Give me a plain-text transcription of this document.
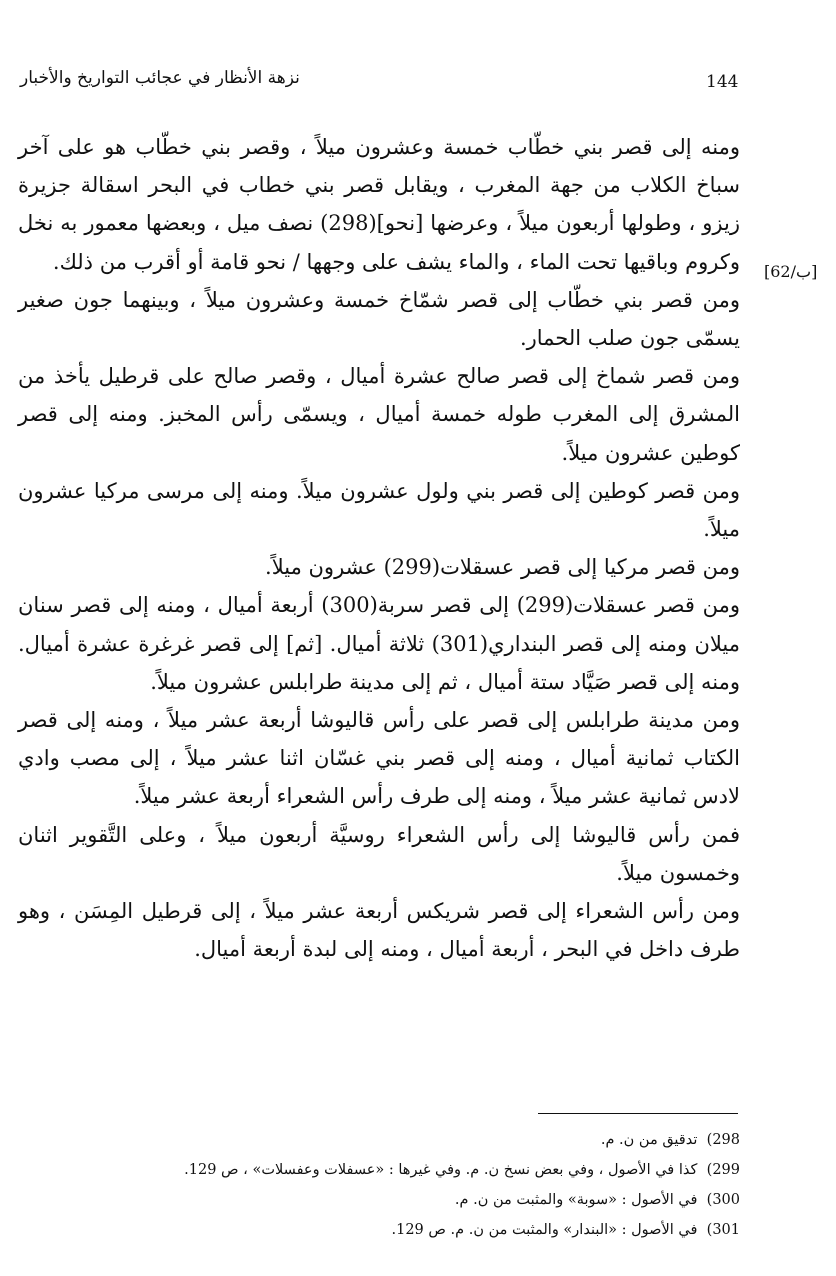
144
نزهة الأنظار في عجائب التواريخ والأخبار
[62/ب]

ومنه إلى قصر بني خطّاب خمسة وعشرون ميلاً ، وقصر بني خطّاب هو على آخر سباخ الكلاب من جهة المغرب ، ويقابل قصر بني خطاب في البحر اسقالة جزيرة زيزو ، وطولها أربعون ميلاً ، وعرضها [نحو](298) نصف ميل ، وبعضها معمور به نخل وكروم وباقيها تحت الماء ، والماء يشف على وجهها / نحو قامة أو أقرب من ذلك.

ومن قصر بني خطّاب إلى قصر شمّاخ خمسة وعشرون ميلاً ، وبينهما جون صغير يسمّى جون صلب الحمار.

ومن قصر شماخ إلى قصر صالح عشرة أميال ، وقصر صالح على قرطيل يأخذ من المشرق إلى المغرب طوله خمسة أميال ، ويسمّى رأس المخبز. ومنه إلى قصر كوطين عشرون ميلاً.

ومن قصر كوطين إلى قصر بني ولول عشرون ميلاً. ومنه إلى مرسى مركيا عشرون ميلاً.

ومن قصر مركيا إلى قصر عسقلات(299) عشرون ميلاً.

ومن قصر عسقلات(299) إلى قصر سربة(300) أربعة أميال ، ومنه إلى قصر سنان ميلان ومنه إلى قصر البنداري(301) ثلاثة أميال. [ثم] إلى قصر غرغرة عشرة أميال. ومنه إلى قصر صَيَّاد ستة أميال ، ثم إلى مدينة طرابلس عشرون ميلاً.

ومن مدينة طرابلس إلى قصر على رأس قاليوشا أربعة عشر ميلاً ، ومنه إلى قصر الكتاب ثمانية أميال ، ومنه إلى قصر بني غسّان اثنا عشر ميلاً ، إلى مصب وادي لادس ثمانية عشر ميلاً ، ومنه إلى طرف رأس الشعراء أربعة عشر ميلاً.

فمن رأس قاليوشا إلى رأس الشعراء روسيَّة أربعون ميلاً ، وعلى التَّقوير اثنان وخمسون ميلاً.

ومن رأس الشعراء إلى قصر شريكس أربعة عشر ميلاً ، إلى قرطيل المِسَن ، وهو طرف داخل في البحر ، أربعة أميال ، ومنه إلى لبدة أربعة أميال.

298) تدقيق من ن. م.
299) كذا في الأصول ، وفي بعض نسخ ن. م. وفي غيرها : «عسفلات وعفسلات» ، ص 129.
300) في الأصول : «سوبة» والمثبت من ن. م.
301) في الأصول : «البندار» والمثبت من ن. م. ص 129.
